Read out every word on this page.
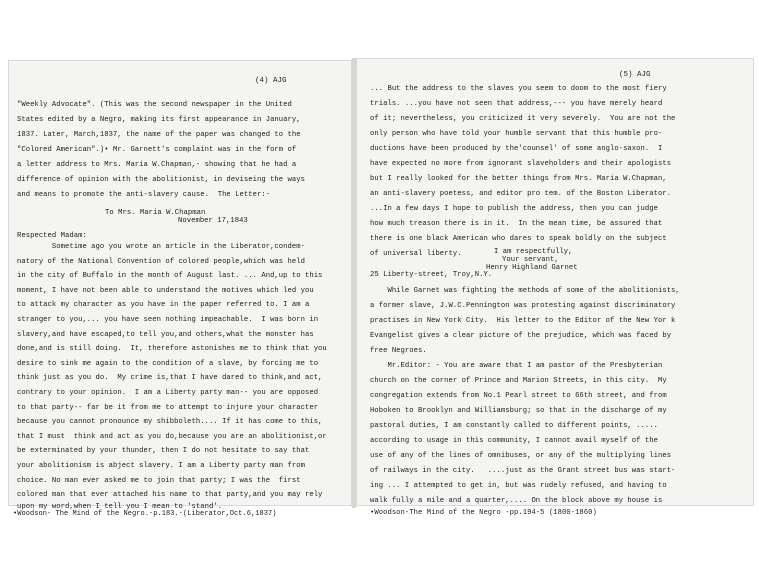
(4) AJG
"Weekly Advocate". (This was the second newspaper in the United
States edited by a Negro, making its first appearance in January,
1837. Later, March,1837, the name of the paper was changed to the
"Colored American".)• Mr. Garnett's complaint was in the form of
a letter address to Mrs. Maria W.Chapman,- showing that he had a
difference of opinion with the abolitionist, in deviseing the ways
and means to promote the anti-slavery cause.  The Letter:-
To Mrs. Maria W.Chapman
November 17,1843
Respected Madam:
Sometime ago you wrote an article in the Liberator,condem-
natory of the National Convention of colored people,which was held
in the city of Buffalo in the month of August last. ... And,up to this
moment, I have not been able to understand the motives which led you
to attack my character as you have in the paper referred to. I am a
stranger to you,... you have seen nothing impeachable.  I was born in
slavery,and have escaped,to tell you,and others,what the monster has
done,and is still doing.  It, therefore astonishes me to think that you
desire to sink me again to the condition of a slave, by forcing me to
think just as you do.  My crime is,that I have dared to think,and act,
contrary to your opinion.  I am a Liberty party man-- you are opposed
to that party-- far be it from me to attempt to injure your character
because you cannot pronounce my shibboleth.... If it has come to this,
that I must  think and act as you do,because you are an abolitionist,or
be exterminated by your thunder, then I do not hesitate to say that
your abolitionism is abject slavery. I am a Liberty party man from
choice. No man ever asked me to join that party; I was the  first
colored man that ever attached his name to that party,and you may rely
upon my word,when I tell you I mean to 'stand'.
•Woodson- The Mind of the Negro.-p.183.-(Liberator,Oct.6,1837)
(5) AJG
... But the address to the slaves you seem to doom to the most fiery
trials. ...you have not seen that address,--- you have merely heard
of it; nevertheless, you criticized it very severely.  You are not the
only person who have told your humble servant that this humble pro-
ductions have been produced by the'counsel' of some anglo-saxon.  I
have expected no more from ignorant slaveholders and their apologists
but I really looked for the better things from Mrs. Maria W.Chapman,
an anti-slavery poetess, and editor pro tem. of the Boston Liberator.
...In a few days I hope to publish the address, then you can judge
how much treason there is in it.  In the mean time, be assured that
there is one black American who dares to speak boldly on the subject
of universal liberty.	I am respectfully,
Your servant,
Henry Highland Garnet
25 Liberty-street, Troy,N.Y.
While Garnet was fighting the methods of some of the abolitionists,
a former slave, J.W.C.Pennington was protesting against discriminatory
practises in New York City.  His letter to the Editor of the New Yor k
Evangelist gives a clear picture of the prejudice, which was faced by
free Negroes.
Mr.Editor: - You are aware that I am pastor of the Presbyterian
church on the corner of Prince and Marion Streets, in this city.  My
congregation extends from No.1 Pearl street to 66th street, and from
Hoboken to Brooklyn and Williamsburg; so that in the discharge of my
pastoral duties, I am constantly called to different points, .....
according to usage in this community, I cannot avail myself of the
use of any of the lines of omnibuses, or any of the multiplying lines
of railways in the city.   ....just as the Grant street bus was start-
ing ... I attempted to get in, but was rudely refused, and having to
walk fully a mile and a quarter,.... On the block above my house is
•Woodson-The Mind of the Negro -pp.194-5 (1800-1860)
